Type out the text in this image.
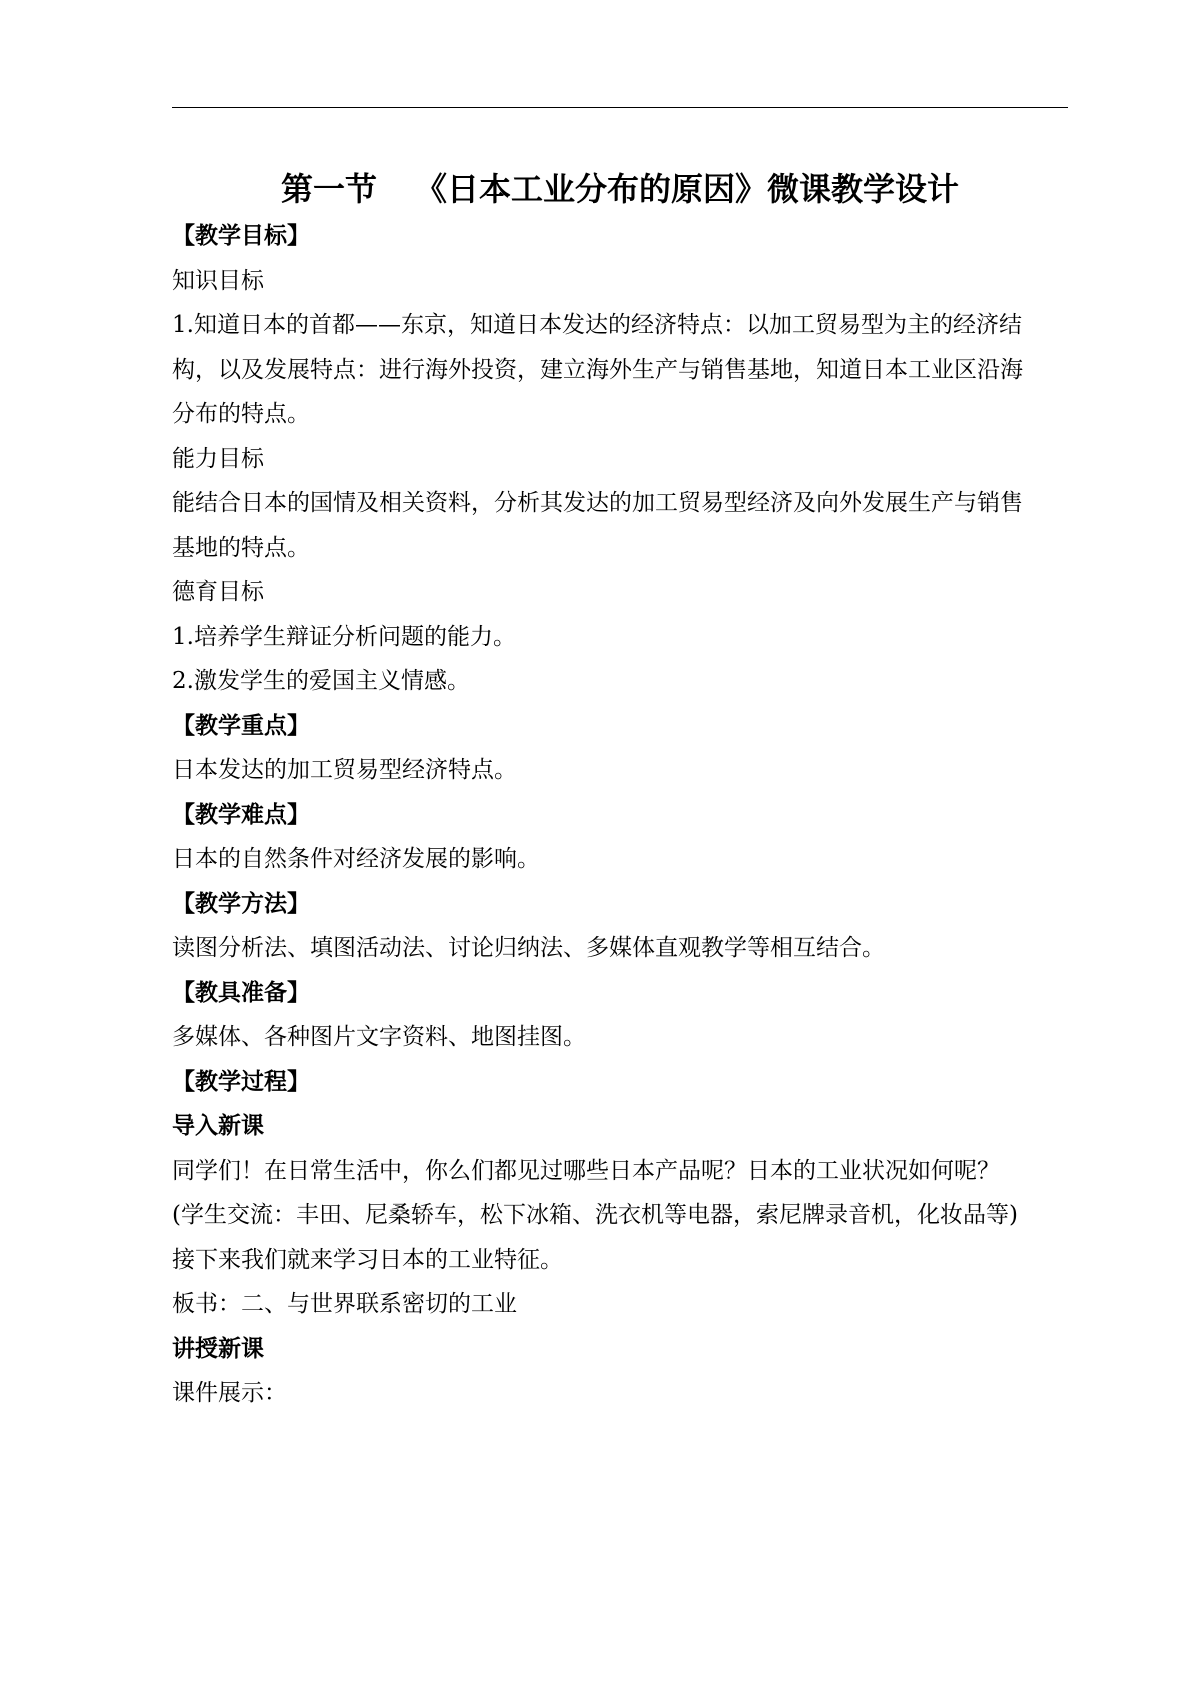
第一节 《日本工业分布的原因》微课教学设计
【教学目标】
知识目标
1.知道日本的首都——东京，知道日本发达的经济特点：以加工贸易型为主的经济结
构，以及发展特点：进行海外投资，建立海外生产与销售基地，知道日本工业区沿海
分布的特点。
能力目标
能结合日本的国情及相关资料，分析其发达的加工贸易型经济及向外发展生产与销售
基地的特点。
德育目标
1.培养学生辩证分析问题的能力。
2.激发学生的爱国主义情感。
【教学重点】
日本发达的加工贸易型经济特点。
【教学难点】
日本的自然条件对经济发展的影响。
【教学方法】
读图分析法、填图活动法、讨论归纳法、多媒体直观教学等相互结合。
【教具准备】
多媒体、各种图片文字资料、地图挂图。
【教学过程】
导入新课
同学们！在日常生活中，你么们都见过哪些日本产品呢？日本的工业状况如何呢？
(学生交流：丰田、尼桑轿车，松下冰箱、洗衣机等电器，索尼牌录音机，化妆品等)
接下来我们就来学习日本的工业特征。
板书：二、与世界联系密切的工业
讲授新课
课件展示：
